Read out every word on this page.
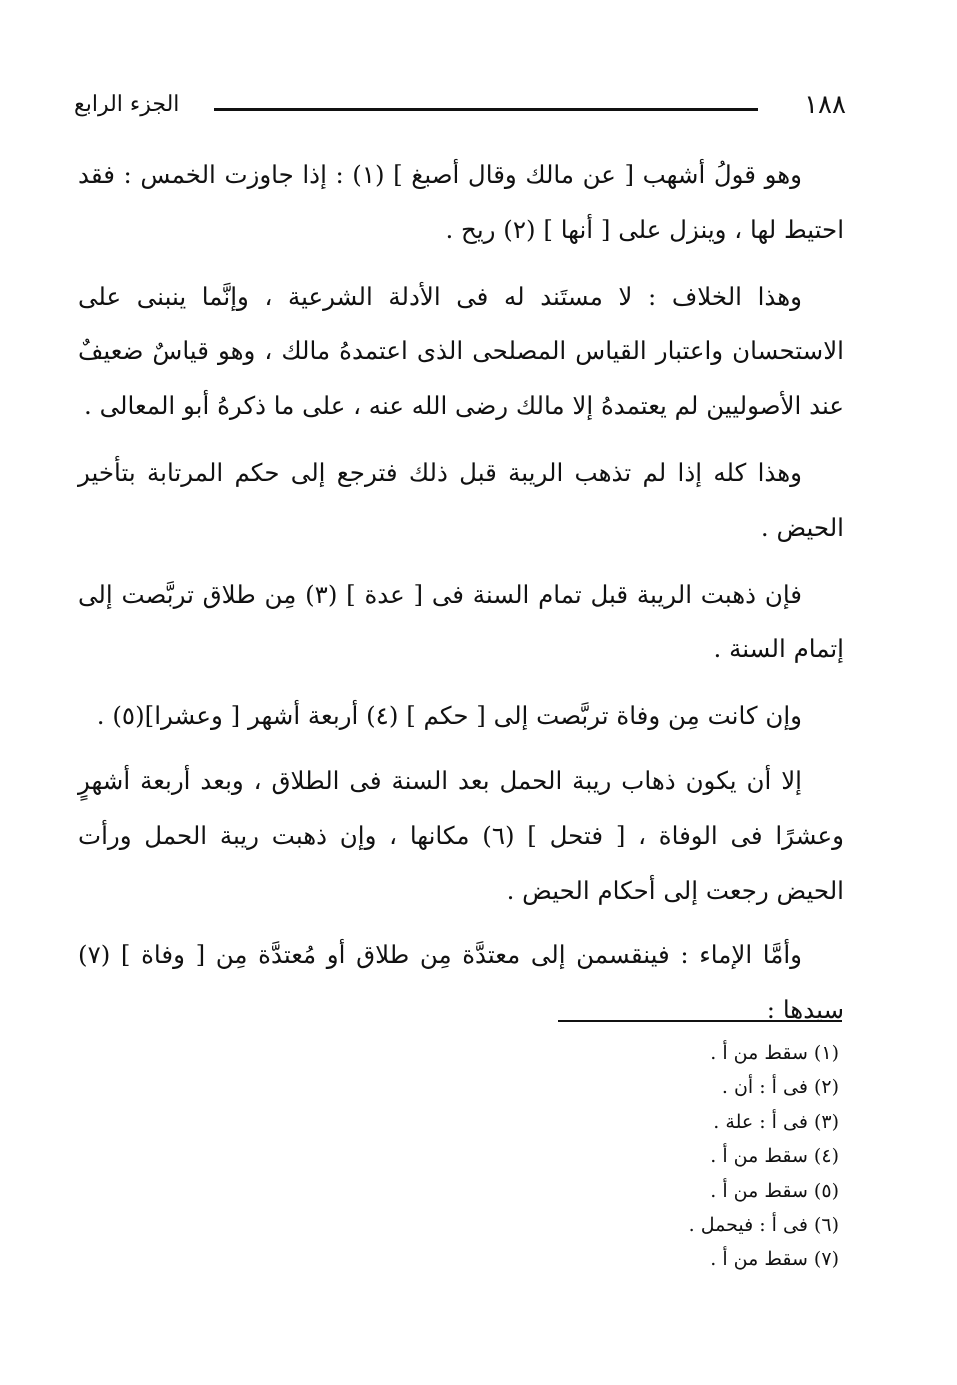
١٨٨
الجزء الرابع

وهو قولُ أشهب [ عن مالك وقال أصبغ ] (١) : إذا جاوزت الخمس : فقد احتيط لها ، وينزل على [ أنها ] (٢) ريح .

وهذا الخلاف : لا مستَند له فى الأدلة الشرعية ، وإنَّما ينبنى على الاستحسان واعتبار القياس المصلحى الذى اعتمدهُ مالك ، وهو قياسٌ ضعيفٌ عند الأصوليين لم يعتمدهُ إلا مالك رضى الله عنه ، على ما ذكرهُ أبو المعالى .

وهذا كله إذا لم تذهب الريبة قبل ذلك فترجع إلى حكم المرتابة بتأخير الحيض .

فإن ذهبت الريبة قبل تمام السنة فى [ عدة ] (٣) مِن طلاق تربَّصت إلى إتمام السنة .

وإن كانت مِن وفاة تربَّصت إلى [ حكم ] (٤) أربعة أشهر [ وعشرا](٥) .

إلا أن يكون ذهاب ريبة الحمل بعد السنة فى الطلاق ، وبعد أربعة أشهرٍ وعشرًا فى الوفاة ، [ فتحل ] (٦) مكانها ، وإن ذهبت ريبة الحمل ورأت الحيض رجعت إلى أحكام الحيض .

وأمَّا الإماء : فينقسمن إلى معتدَّة مِن طلاق أو مُعتدَّة مِن [ وفاة ] (٧) سيدها :

(١) سقط من أ .
(٢) فى أ : أن .
(٣) فى أ : علة .
(٤) سقط من أ .
(٥) سقط من أ .
(٦) فى أ : فيحمل .
(٧) سقط من أ .
